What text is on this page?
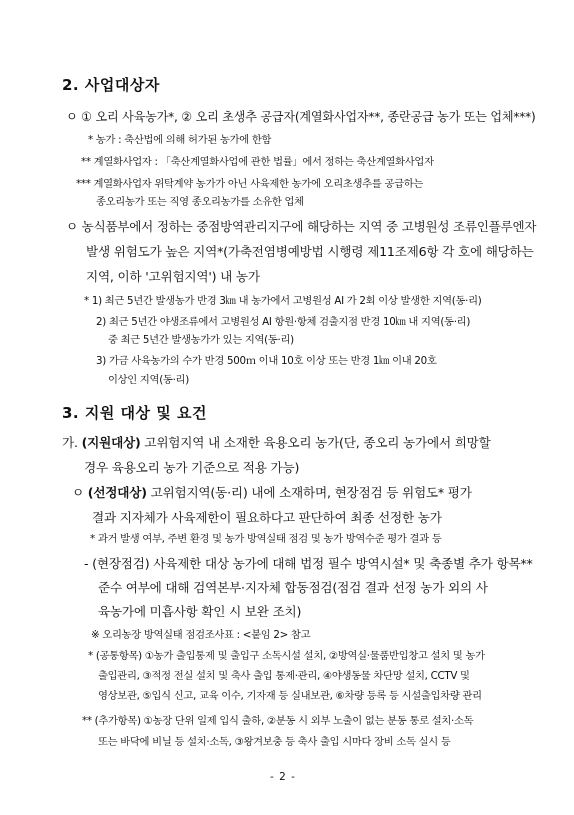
2. 사업대상자
ㅇ ① 오리 사육농가*, ② 오리 초생추 공급자(계열화사업자**, 종란공급 농가 또는 업체***)
* 농가 : 축산법에 의해 허가된 농가에 한함
** 계열화사업자 : 「축산계열화사업에 관한 법률」에서 정하는 축산계열화사업자
*** 계열화사업자 위탁계약 농가가 아닌 사육제한 농가에 오리초생추를 공급하는
종오리농가 또는 직영 종오리농가를 소유한 업체
ㅇ 농식품부에서 정하는 중점방역관리지구에 해당하는 지역 중 고병원성 조류인플루엔자
발생 위험도가 높은 지역*(가축전염병예방법 시행령 제11조제6항 각 호에 해당하는
지역, 이하 '고위험지역') 내 농가
* 1) 최근 5년간 발생농가 반경 3㎞ 내 농가에서 고병원성 AI 가 2회 이상 발생한 지역(동·리)
2) 최근 5년간 야생조류에서 고병원성 AI 항원·항체 검출지점 반경 10㎞ 내 지역(동·리)
중 최근 5년간 발생농가가 있는 지역(동·리)
3) 가금 사육농가의 수가 반경 500ｍ 이내 10호 이상 또는 반경 1㎞ 이내 20호
이상인 지역(동·리)
3. 지원 대상 및 요건
가. (지원대상) 고위험지역 내 소재한 육용오리 농가(단, 종오리 농가에서 희망할
경우 육용오리 농가 기준으로 적용 가능)
ㅇ (선정대상) 고위험지역(동·리) 내에 소재하며, 현장점검 등 위험도* 평가
결과 지자체가 사육제한이 필요하다고 판단하여 최종 선정한 농가
* 과거 발생 여부, 주변 환경 및 농가 방역실태 점검 및 농가 방역수준 평가 결과 등
- (현장점검) 사육제한 대상 농가에 대해 법정 필수 방역시설* 및 축종별 추가 항목**
준수 여부에 대해 검역본부·지자체 합동점검(점검 결과 선정 농가 외의 사
육농가에 미흡사항 확인 시 보완 조치)
※ 오리농장 방역실태 점검조사표 : <붙임 2> 참고
* (공통항목) ①농가 출입통제 및 출입구 소독시설 설치, ②방역실·물품반입창고 설치 및 농가
출입관리, ③적정 전실 설치 및 축사 출입 통제·관리, ④야생동물 차단망 설치, CCTV 및
영상보관, ⑤입식 신고, 교육 이수, 기자재 등 실내보관, ⑥차량 등록 등 시설출입차량 관리
** (추가항목) ①농장 단위 일제 입식 출하, ②분동 시 외부 노출이 없는 분동 통로 설치·소독
또는 바닥에 비닐 등 설치·소독, ③왕겨보충 등 축사 출입 시마다 장비 소독 실시 등
- 2 -
